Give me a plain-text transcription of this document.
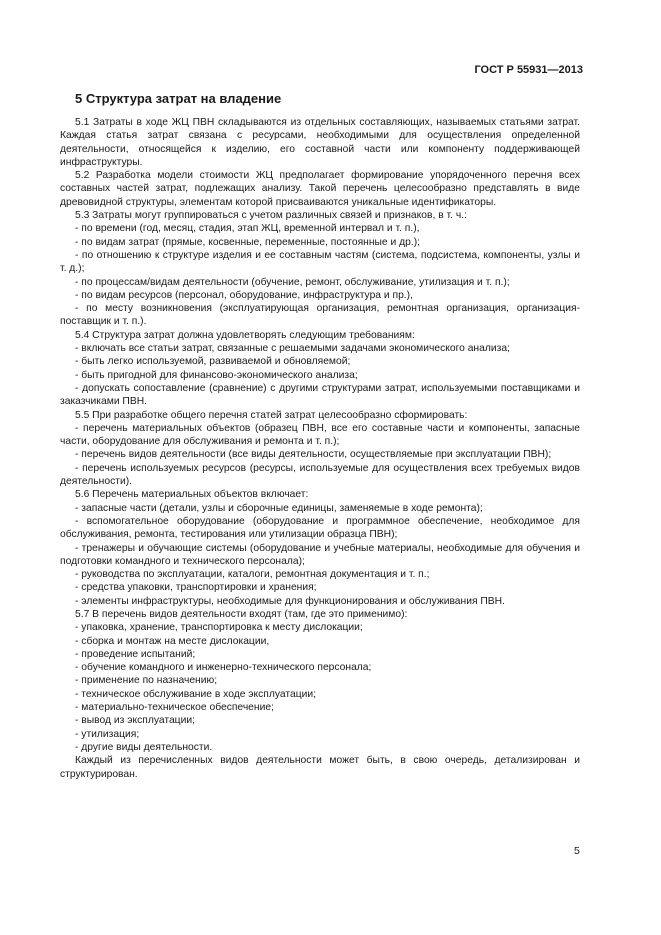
ГОСТ Р 55931—2013
5 Структура затрат на владение

5.1 Затраты в ходе ЖЦ ПВН складываются из отдельных составляющих, называемых статьями затрат. Каждая статья затрат связана с ресурсами, необходимыми для осуществления определенной деятельности, относящейся к изделию, его составной части или компоненту поддерживающей инфраструктуры.

5.2 Разработка модели стоимости ЖЦ предполагает формирование упорядоченного перечня всех составных частей затрат, подлежащих анализу. Такой перечень целесообразно представлять в виде древовидной структуры, элементам которой присваиваются уникальные идентификаторы.

5.3 Затраты могут группироваться с учетом различных связей и признаков, в т. ч.:

- по времени (год, месяц, стадия, этап ЖЦ, временной интервал и т. п.),

- по видам затрат (прямые, косвенные, переменные, постоянные и др.);

- по отношению к структуре изделия и ее составным частям (система, подсистема, компоненты, узлы и т. д.);

- по процессам/видам деятельности (обучение, ремонт, обслуживание, утилизация и т. п.);

- по видам ресурсов (персонал, оборудование, инфраструктура и пр.),

- по месту возникновения (эксплуатирующая организация, ремонтная организация, организация-поставщик и т. п.).

5.4 Структура затрат должна удовлетворять следующим требованиям:

- включать все статьи затрат, связанные с решаемыми задачами экономического анализа;

- быть легко используемой, развиваемой и обновляемой;

- быть пригодной для финансово-экономического анализа;

- допускать сопоставление (сравнение) с другими структурами затрат, используемыми поставщиками и заказчиками ПВН.

5.5 При разработке общего перечня статей затрат целесообразно сформировать:

- перечень материальных объектов (образец ПВН, все его составные части и компоненты, запасные части, оборудование для обслуживания и ремонта и т. п.);

- перечень видов деятельности (все виды деятельности, осуществляемые при эксплуатации ПВН);

- перечень используемых ресурсов (ресурсы, используемые для осуществления всех требуемых видов деятельности).

5.6 Перечень материальных объектов включает:

- запасные части (детали, узлы и сборочные единицы, заменяемые в ходе ремонта);

- вспомогательное оборудование (оборудование и программное обеспечение, необходимое для обслуживания, ремонта, тестирования или утилизации образца ПВН);

- тренажеры и обучающие системы (оборудование и учебные материалы, необходимые для обучения и подготовки командного и технического персонала);

- руководства по эксплуатации, каталоги, ремонтная документация и т. п.;

- средства упаковки, транспортировки и хранения;

- элементы инфраструктуры, необходимые для функционирования и обслуживания ПВН.

5.7 В перечень видов деятельности входят (там, где это применимо):

- упаковка, хранение, транспортировка к месту дислокации;

- сборка и монтаж на месте дислокации,

- проведение испытаний;

- обучение командного и инженерно-технического персонала;

- применение по назначению;

- техническое обслуживание в ходе эксплуатации;

- материально-техническое обеспечение;

- вывод из эксплуатации;

- утилизация;

- другие виды деятельности.

Каждый из перечисленных видов деятельности может быть, в свою очередь, детализирован и структурирован.

5
